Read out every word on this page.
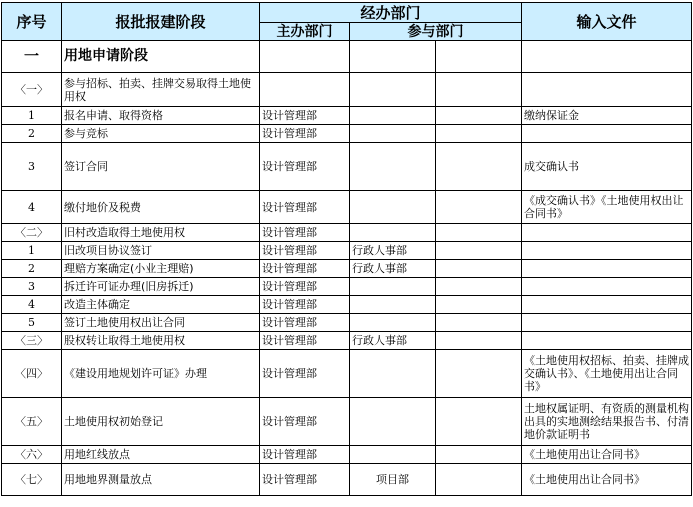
序号	报批报建阶段	经办部门			输入文件
		主办部门	参与部门		
一	用地申请阶段				
〈一〉	参与招标、拍卖、挂牌交易取得土地使用权				
1	报名申请、取得资格	设计管理部			缴纳保证金
2	参与竞标	设计管理部			
3	签订合同	设计管理部			成交确认书
4	缴付地价及税费	设计管理部			《成交确认书》《土地使用权出让合同书》
〈二〉	旧村改造取得土地使用权	设计管理部			
1	旧改项目协议签订	设计管理部	行政人事部		
2	理赔方案确定(小业主理赔)	设计管理部	行政人事部		
3	拆迁许可证办理(旧房拆迁)	设计管理部			
4	改造主体确定	设计管理部			
5	签订土地使用权出让合同	设计管理部			
〈三〉	股权转让取得土地使用权	设计管理部	行政人事部		
〈四〉	《建设用地规划许可证》办理	设计管理部			《土地使用权招标、拍卖、挂牌成交确认书》、《土地使用出让合同书》
〈五〉	土地使用权初始登记	设计管理部			土地权属证明、有资质的测量机构出具的实地测绘结果报告书、付清地价款证明书
〈六〉	用地红线放点	设计管理部			《土地使用出让合同书》
〈七〉	用地地界测量放点	设计管理部	项目部		《土地使用出让合同书》
